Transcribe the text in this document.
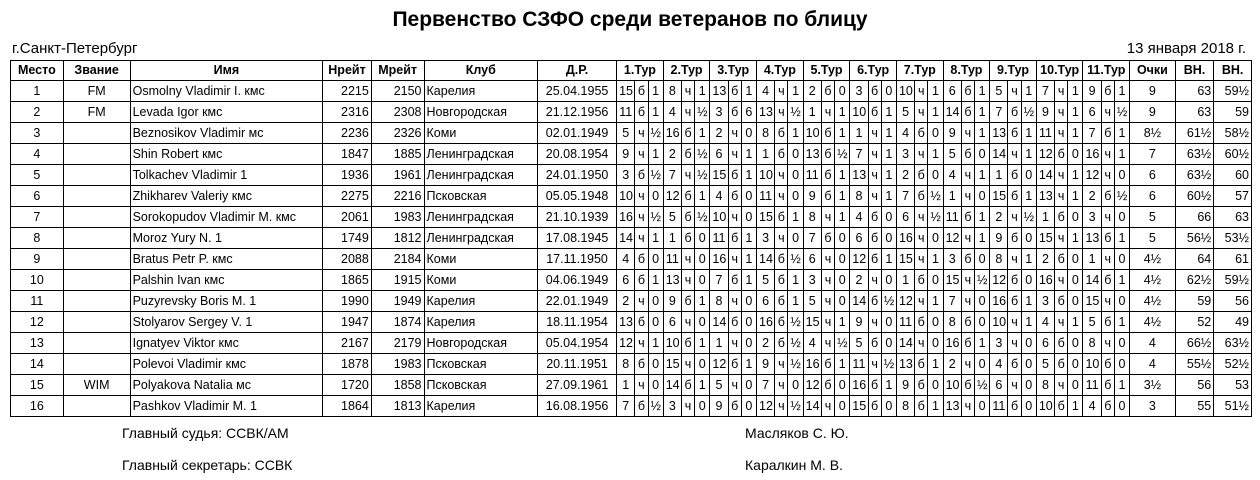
Первенство СЗФО среди ветеранов по блицу
г.Санкт-Петербург	13 января 2018 г.
Место	Звание	Имя	Нрейт	Мрейт	Клуб	Д.Р.	1.Тур			2.Тур			3.Тур			4.Тур			5.Тур			6.Тур			7.Тур			8.Тур			9.Тур			10.Тур			11.Тур			Очки	ВН.	ВН.
1	FM	Osmolny Vladimir I. кмс	2215	2150	Карелия	25.04.1955	15	б	1	8	ч	1	13	б	1	4	ч	1	2	б	0	3	б	0	10	ч	1	6	б	1	5	ч	1	7	ч	1	9	б	1	9	63	59½
2	FM	Levada Igor кмс	2316	2308	Новгородская	21.12.1956	11	б	1	4	ч	½	3	б	6	13	ч	½	1	ч	1	10	б	1	5	ч	1	14	б	1	7	б	½	9	ч	1	6	ч	½	9	63	59
3		Beznosikov Vladimir мс	2236	2326	Коми	02.01.1949	5	ч	½	16	б	1	2	ч	0	8	б	1	10	б	1	1	ч	1	4	б	0	9	ч	1	13	б	1	11	ч	1	7	б	1	8½	61½	58½
4		Shin Robert кмс	1847	1885	Ленинградская	20.08.1954	9	ч	1	2	б	½	6	ч	1	1	б	0	13	б	½	7	ч	1	3	ч	1	5	б	0	14	ч	1	12	б	0	16	ч	1	7	63½	60½
5		Tolkachev Vladimir 1	1936	1961	Ленинградская	24.01.1950	3	б	½	7	ч	½	15	б	1	10	ч	0	11	б	1	13	ч	1	2	б	0	4	ч	1	1	б	0	14	ч	1	12	ч	0	6	63½	60
6		Zhikharev Valeriy кмс	2275	2216	Псковская	05.05.1948	10	ч	0	12	б	1	4	б	0	11	ч	0	9	б	1	8	ч	1	7	б	½	1	ч	0	15	б	1	13	ч	1	2	б	½	6	60½	57
7		Sorokopudov Vladimir M. кмс	2061	1983	Ленинградская	21.10.1939	16	ч	½	5	б	½	10	ч	0	15	б	1	8	ч	1	4	б	0	6	ч	½	11	б	1	2	ч	½	1	б	0	3	ч	0	5	66	63
8		Moroz Yury N. 1	1749	1812	Ленинградская	17.08.1945	14	ч	1	1	б	0	11	б	1	3	ч	0	7	б	0	6	б	0	16	ч	0	12	ч	1	9	б	0	15	ч	1	13	б	1	5	56½	53½
9		Bratus Petr P. кмс	2088	2184	Коми	17.11.1950	4	б	0	11	ч	0	16	ч	1	14	б	½	6	ч	0	12	б	1	15	ч	1	3	б	0	8	ч	1	2	б	0	1	ч	0	4½	64	61
10		Palshin Ivan кмс	1865	1915	Коми	04.06.1949	6	б	1	13	ч	0	7	б	1	5	б	1	3	ч	0	2	ч	0	1	б	0	15	ч	½	12	б	0	16	ч	0	14	б	1	4½	62½	59½
11		Puzyrevsky Boris M. 1	1990	1949	Карелия	22.01.1949	2	ч	0	9	б	1	8	ч	0	6	б	1	5	ч	0	14	б	½	12	ч	1	7	ч	0	16	б	1	3	б	0	15	ч	0	4½	59	56
12		Stolyarov Sergey V. 1	1947	1874	Карелия	18.11.1954	13	б	0	6	ч	0	14	б	0	16	б	½	15	ч	1	9	ч	0	11	б	0	8	б	0	10	ч	1	4	ч	1	5	б	1	4½	52	49
13		Ignatyev Viktor кмс	2167	2179	Новгородская	05.04.1954	12	ч	1	10	б	1	1	ч	0	2	б	½	4	ч	½	5	б	0	14	ч	0	16	б	1	3	ч	0	6	б	0	8	ч	0	4	66½	63½
14		Polevoi Vladimir кмс	1878	1983	Псковская	20.11.1951	8	б	0	15	ч	0	12	б	1	9	ч	½	16	б	1	11	ч	½	13	б	1	2	ч	0	4	б	0	5	б	0	10	б	0	4	55½	52½
15	WIM	Polyakova Natalia мс	1720	1858	Псковская	27.09.1961	1	ч	0	14	б	1	5	ч	0	7	ч	0	12	б	0	16	б	1	9	б	0	10	б	½	6	ч	0	8	ч	0	11	б	1	3½	56	53
16		Pashkov Vladimir M. 1	1864	1813	Карелия	16.08.1956	7	б	½	3	ч	0	9	б	0	12	ч	½	14	ч	0	15	б	0	8	б	1	13	ч	0	11	б	0	10	б	1	4	б	0	3	55	51½
Главный судья: ССВК/АМ	Масляков С. Ю.
Главный секретарь: ССВК	Каралкин М. В.
